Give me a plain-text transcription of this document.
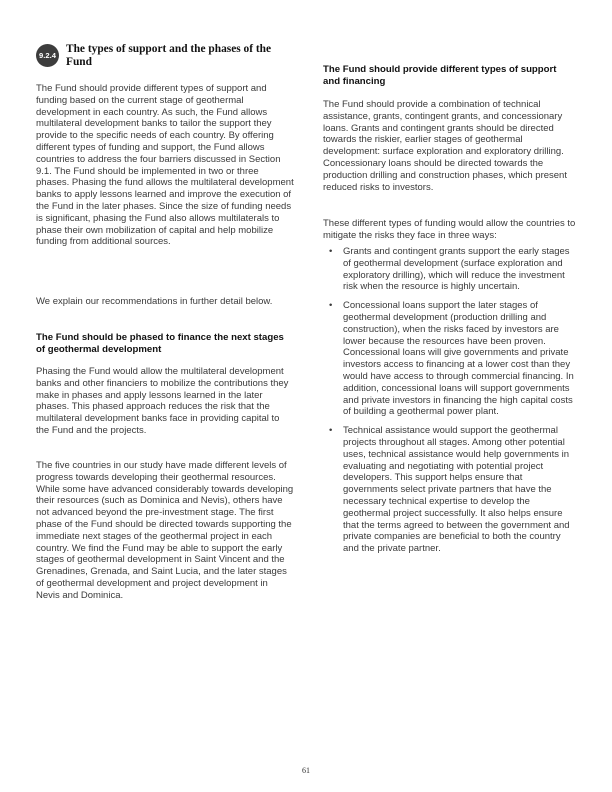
9.2.4
The types of support and the phases of the Fund

The Fund should provide different types of support and funding based on the current stage of geothermal development in each country. As such, the Fund allows multilateral development banks to tailor the support they provide to the specific needs of each country. By offering different types of funding and support, the Fund allows countries to address the four barriers discussed in Section 9.1. The Fund should be implemented in two or three phases. Phasing the fund allows the multilateral development banks to apply lessons learned and improve the execution of the Fund in the later phases. Since the size of funding needs is significant, phasing the Fund also allows multilaterals to phase their own mobilization of capital and help mobilize funding from additional sources.

We explain our recommendations in further detail below.

The Fund should be phased to finance the next stages of geothermal development

Phasing the Fund would allow the multilateral development banks and other financiers to mobilize the contributions they make in phases and apply lessons learned in the later phases. This phased approach reduces the risk that the multilateral development banks face in providing capital to the Fund and the projects.

The five countries in our study have made different levels of progress towards developing their geothermal resources. While some have advanced considerably towards developing their resources (such as Dominica and Nevis), others have not advanced beyond the pre-investment stage. The first phase of the Fund should be directed towards supporting the immediate next stages of the geothermal project in each country. We find the Fund may be able to support the early stages of geothermal development in Saint Vincent and the Grenadines, Grenada, and Saint Lucia, and the later stages of geothermal development and project development in Nevis and Dominica.

The Fund should provide different types of support and financing

The Fund should provide a combination of technical assistance, grants, contingent grants, and concessionary loans. Grants and contingent grants should be directed towards the riskier, earlier stages of geothermal development: surface exploration and exploratory drilling. Concessionary loans should be directed towards the production drilling and construction phases, which present reduced risks to investors.

These different types of funding would allow the countries to mitigate the risks they face in three ways:

• Grants and contingent grants support the early stages of geothermal development (surface exploration and exploratory drilling), which will reduce the investment risk when the resource is highly uncertain.
• Concessional loans support the later stages of geothermal development (production drilling and construction), when the risks faced by investors are lower because the resources have been proven. Concessional loans will give governments and private investors access to financing at a lower cost than they would have access to through commercial financing. In addition, concessional loans will support governments and private investors in financing the high capital costs of building a geothermal power plant.
• Technical assistance would support the geothermal projects throughout all stages. Among other potential uses, technical assistance would help governments in evaluating and negotiating with potential project developers. This support helps ensure that governments select private partners that have the necessary technical expertise to develop the geothermal project successfully. It also helps ensure that the terms agreed to between the government and private companies are beneficial to both the country and the private partner.
61
